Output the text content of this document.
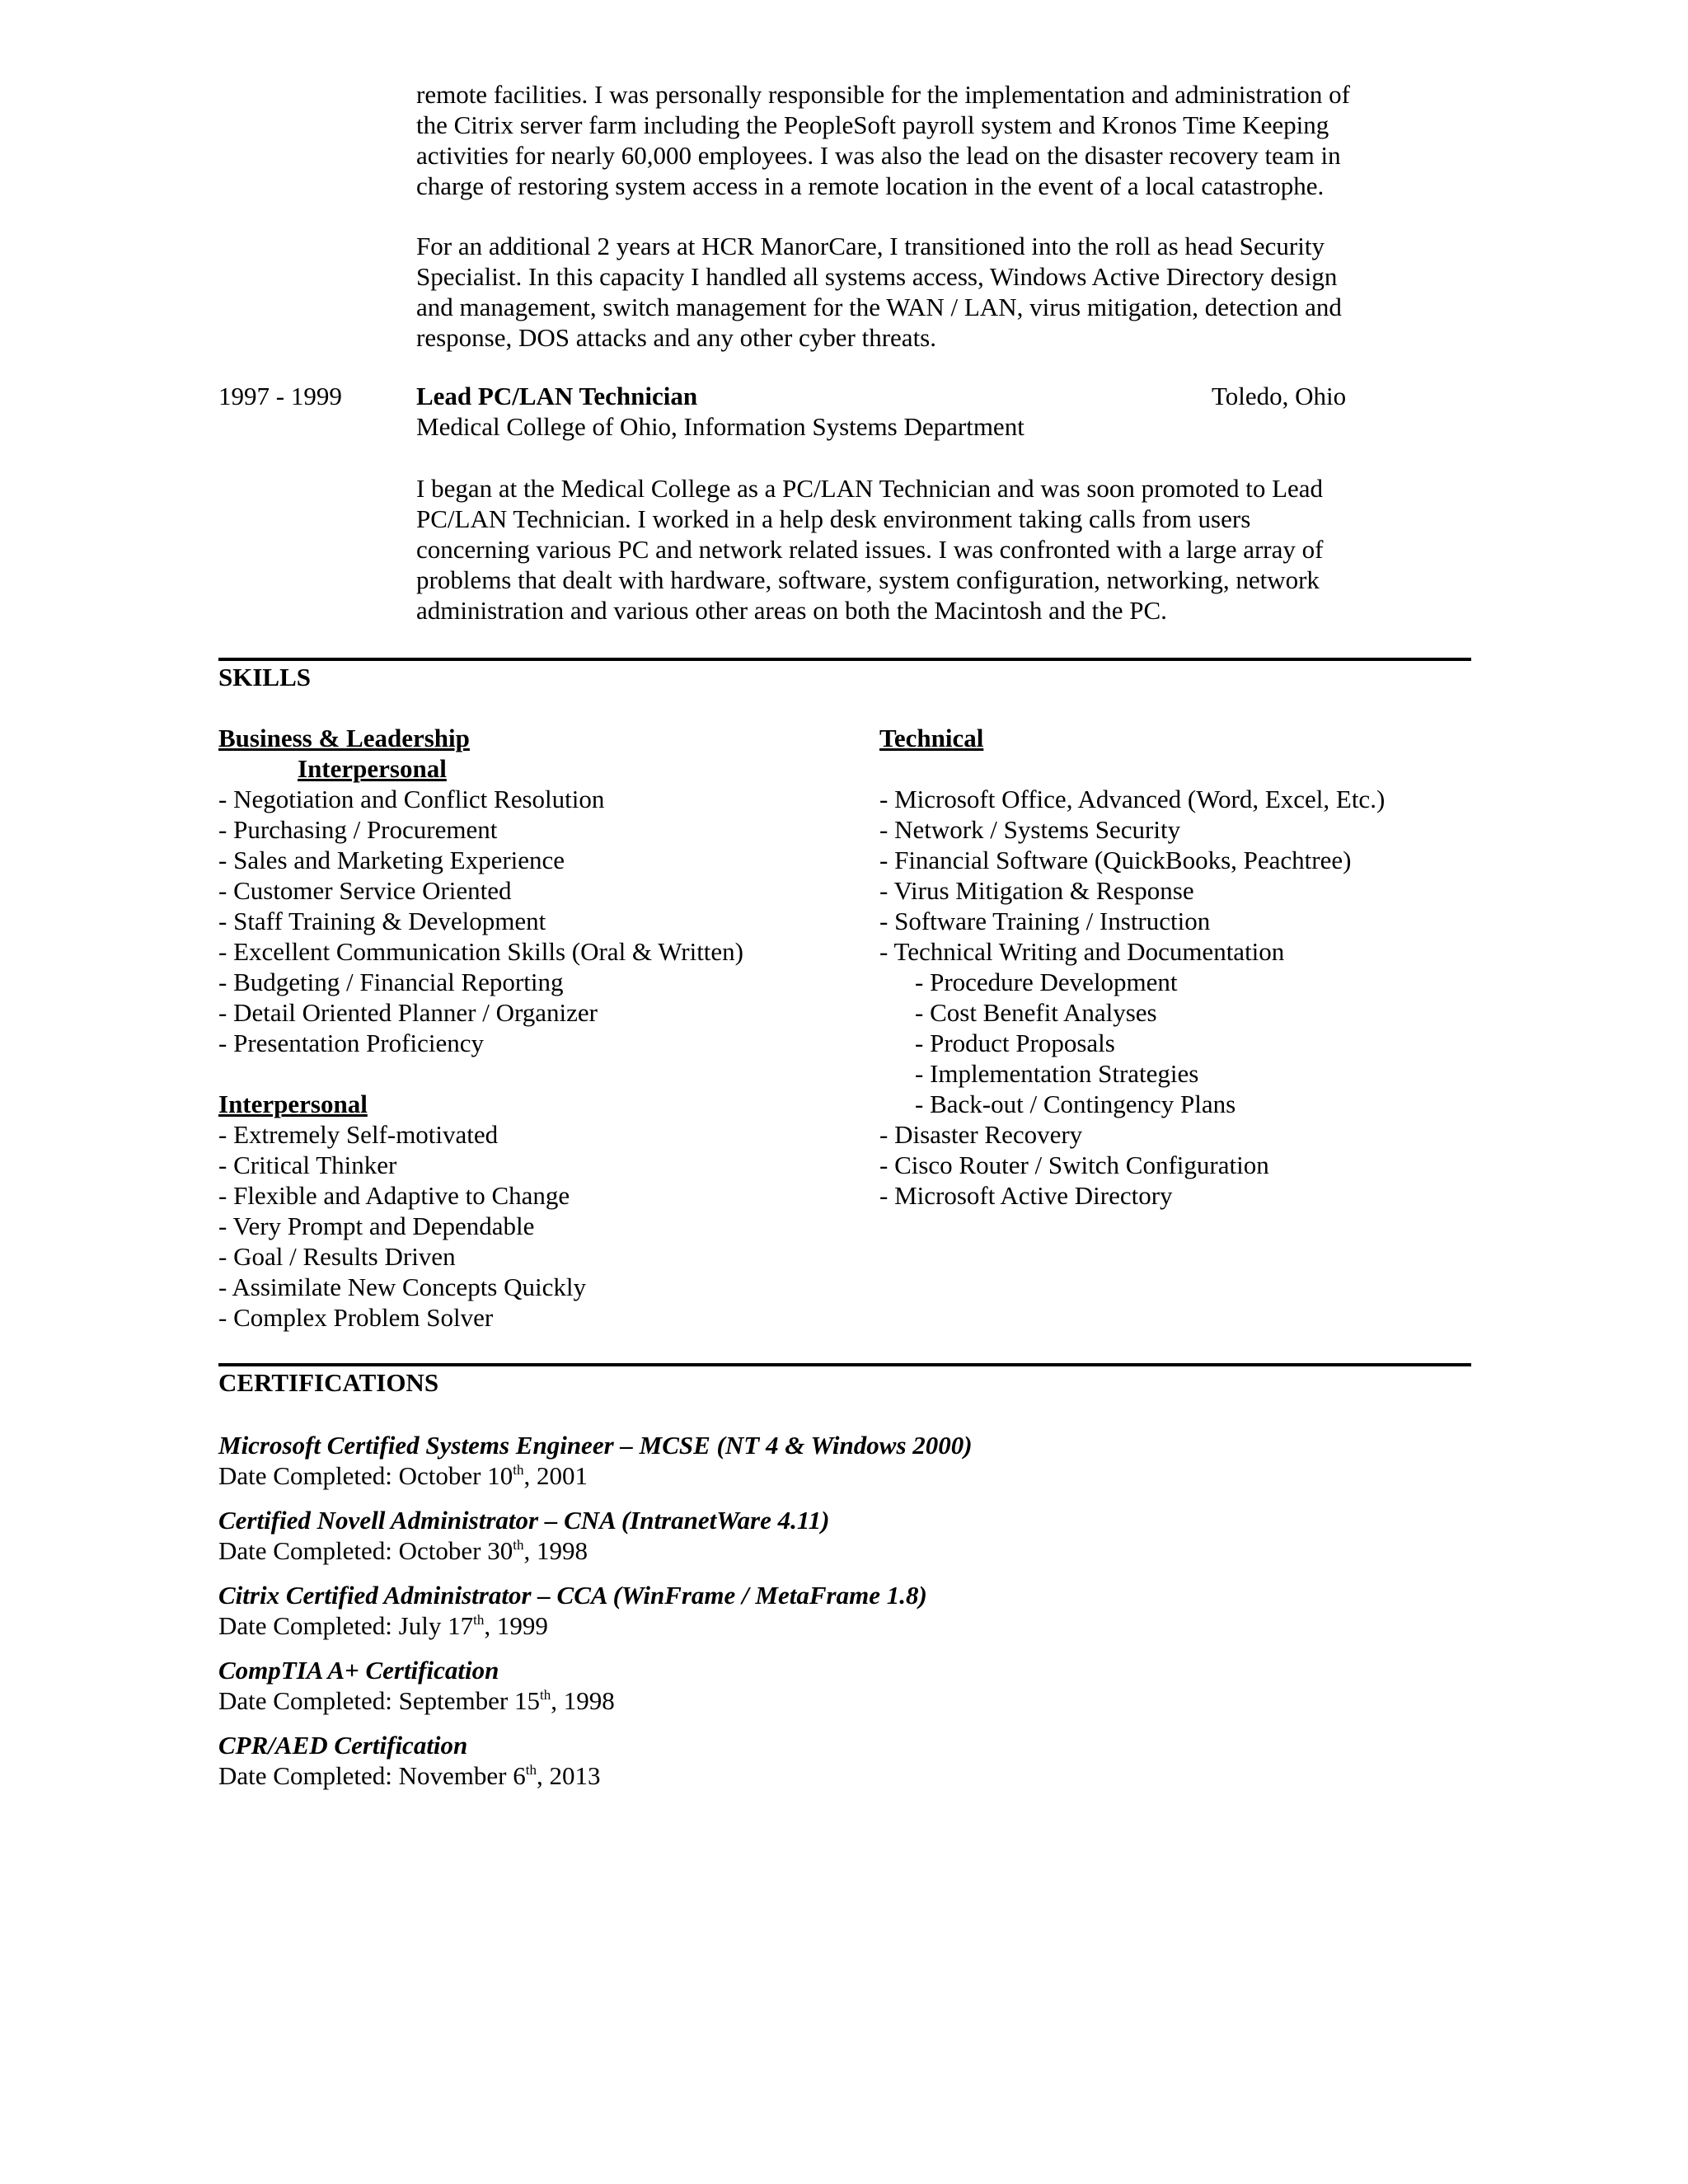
remote facilities. I was personally responsible for the implementation and administration of
the Citrix server farm including the PeopleSoft payroll system and Kronos Time Keeping
activities for nearly 60,000 employees. I was also the lead on the disaster recovery team in
charge of restoring system access in a remote location in the event of a local catastrophe.

For an additional 2 years at HCR ManorCare, I transitioned into the roll as head Security
Specialist. In this capacity I handled all systems access, Windows Active Directory design
and management, switch management for the WAN / LAN, virus mitigation, detection and
response, DOS attacks and any other cyber threats.

1997 - 1999	Lead PC/LAN Technician	Toledo, Ohio
Medical College of Ohio, Information Systems Department

I began at the Medical College as a PC/LAN Technician and was soon promoted to Lead
PC/LAN Technician. I worked in a help desk environment taking calls from users
concerning various PC and network related issues. I was confronted with a large array of
problems that dealt with hardware, software, system configuration, networking, network
administration and various other areas on both the Macintosh and the PC.

SKILLS
Business & Leadership
Interpersonal
- Negotiation and Conflict Resolution
- Purchasing / Procurement
- Sales and Marketing Experience
- Customer Service Oriented
- Staff Training & Development
- Excellent Communication Skills (Oral & Written)
- Budgeting / Financial Reporting
- Detail Oriented Planner / Organizer
- Presentation Proficiency
Interpersonal
- Extremely Self-motivated
- Critical Thinker
- Flexible and Adaptive to Change
- Very Prompt and Dependable
- Goal / Results Driven
- Assimilate New Concepts Quickly
- Complex Problem Solver
Technical
- Microsoft Office, Advanced (Word, Excel, Etc.)
- Network / Systems Security
- Financial Software (QuickBooks, Peachtree)
- Virus Mitigation & Response
- Software Training / Instruction
- Technical Writing and Documentation
- Procedure Development
- Cost Benefit Analyses
- Product Proposals
- Implementation Strategies
- Back-out / Contingency Plans
- Disaster Recovery
- Cisco Router / Switch Configuration
- Microsoft Active Directory
CERTIFICATIONS
Microsoft Certified Systems Engineer – MCSE (NT 4 & Windows 2000)
Date Completed: October 10th, 2001
Certified Novell Administrator – CNA (IntranetWare 4.11)
Date Completed: October 30th, 1998
Citrix Certified Administrator – CCA (WinFrame / MetaFrame 1.8)
Date Completed: July 17th, 1999
CompTIA A+ Certification
Date Completed: September 15th, 1998
CPR/AED Certification
Date Completed: November 6th, 2013
